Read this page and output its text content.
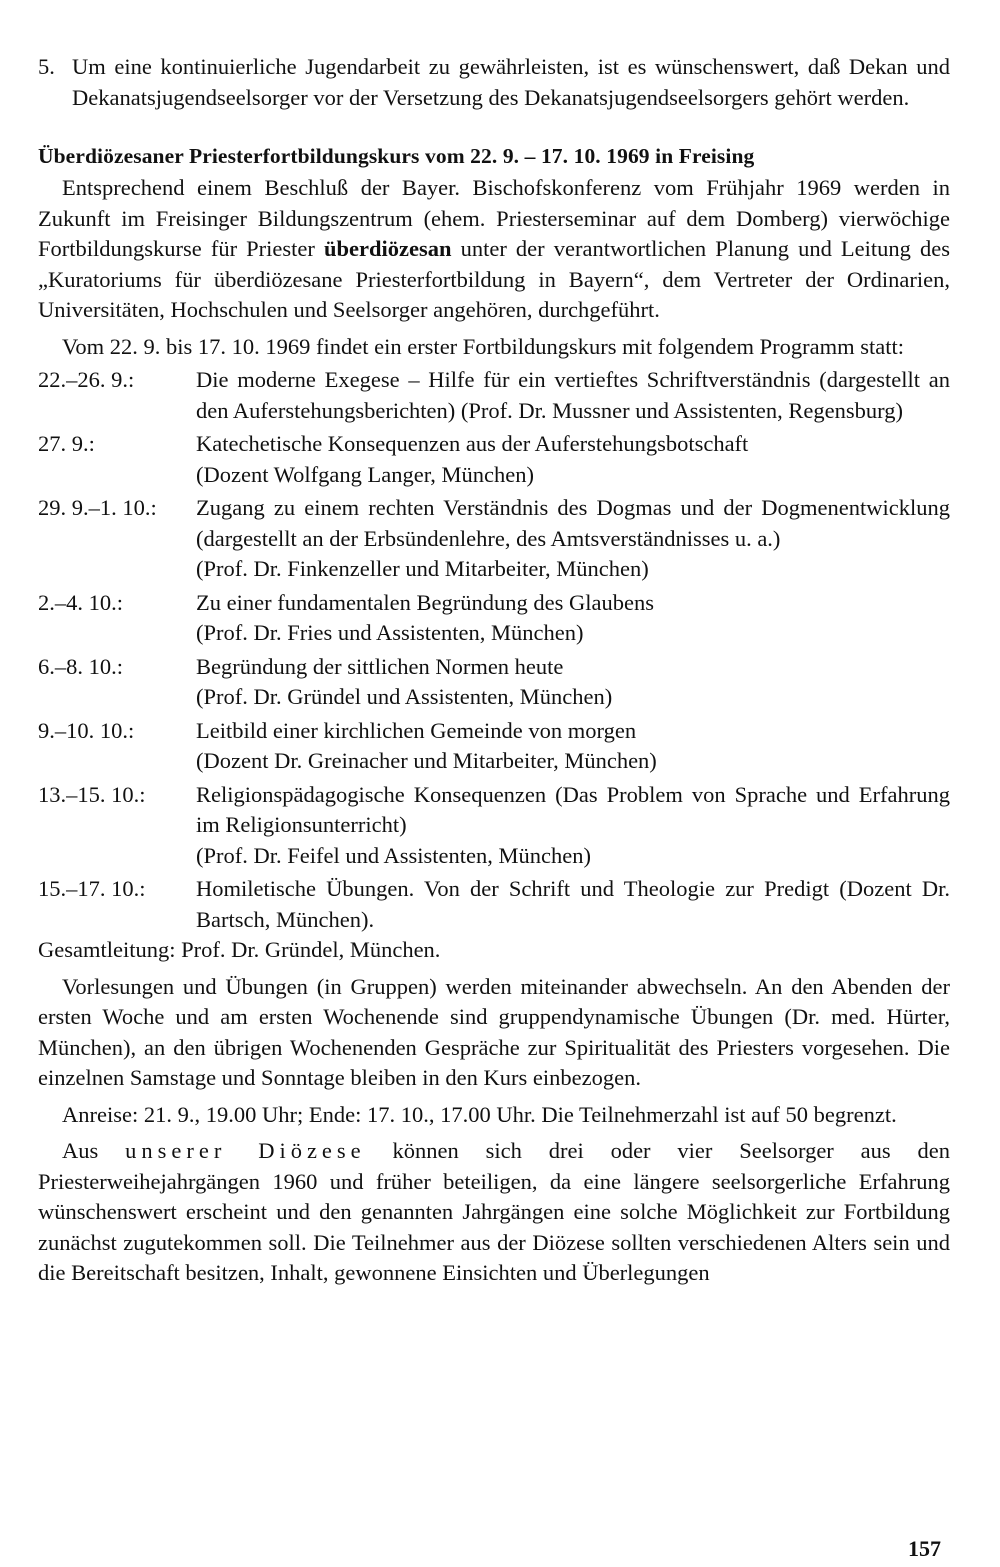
5. Um eine kontinuierliche Jugendarbeit zu gewährleisten, ist es wünschenswert, daß Dekan und Dekanatsjugendseelsorger vor der Versetzung des Dekanatsjugendseelsorgers gehört werden.

Überdiözesaner Priesterfortbildungskurs vom 22. 9. – 17. 10. 1969 in Freising

Entsprechend einem Beschluß der Bayer. Bischofskonferenz vom Frühjahr 1969 werden in Zukunft im Freisinger Bildungszentrum (ehem. Priesterseminar auf dem Domberg) vierwöchige Fortbildungskurse für Priester überdiözesan unter der verantwortlichen Planung und Leitung des „Kuratoriums für überdiözesane Priesterfortbildung in Bayern“, dem Vertreter der Ordinarien, Universitäten, Hochschulen und Seelsorger angehören, durchgeführt.

Vom 22. 9. bis 17. 10. 1969 findet ein erster Fortbildungskurs mit folgendem Programm statt:

22.–26. 9.:	Die moderne Exegese – Hilfe für ein vertieftes Schriftverständnis (dargestellt an den Auferstehungsberichten) (Prof. Dr. Mussner und Assistenten, Regensburg)

27. 9.:	Katechetische Konsequenzen aus der Auferstehungsbotschaft

(Dozent Wolfgang Langer, München)

29. 9.–1. 10.:	Zugang zu einem rechten Verständnis des Dogmas und der Dogmenentwicklung (dargestellt an der Erbsündenlehre, des Amtsverständnisses u. a.)

(Prof. Dr. Finkenzeller und Mitarbeiter, München)

2.–4. 10.:	Zu einer fundamentalen Begründung des Glaubens

(Prof. Dr. Fries und Assistenten, München)

6.–8. 10.:	Begründung der sittlichen Normen heute

(Prof. Dr. Gründel und Assistenten, München)

9.–10. 10.:	Leitbild einer kirchlichen Gemeinde von morgen

(Dozent Dr. Greinacher und Mitarbeiter, München)

13.–15. 10.:	Religionspädagogische Konsequenzen (Das Problem von Sprache und Erfahrung im Religionsunterricht)

(Prof. Dr. Feifel und Assistenten, München)

15.–17. 10.:	Homiletische Übungen. Von der Schrift und Theologie zur Predigt (Dozent Dr. Bartsch, München).

Gesamtleitung: Prof. Dr. Gründel, München.

Vorlesungen und Übungen (in Gruppen) werden miteinander abwechseln. An den Abenden der ersten Woche und am ersten Wochenende sind gruppendynamische Übungen (Dr. med. Hürter, München), an den übrigen Wochenenden Gespräche zur Spiritualität des Priesters vorgesehen. Die einzelnen Samstage und Sonntage bleiben in den Kurs einbezogen.

Anreise: 21. 9., 19.00 Uhr; Ende: 17. 10., 17.00 Uhr. Die Teilnehmerzahl ist auf 50 begrenzt.

Aus unserer Diözese können sich drei oder vier Seelsorger aus den Priesterweihejahrgängen 1960 und früher beteiligen, da eine längere seelsorgerliche Erfahrung wünschenswert erscheint und den genannten Jahrgängen eine solche Möglichkeit zur Fortbildung zunächst zugutekommen soll. Die Teilnehmer aus der Diözese sollten verschiedenen Alters sein und die Bereitschaft besitzen, Inhalt, gewonnene Einsichten und Überlegungen

157
